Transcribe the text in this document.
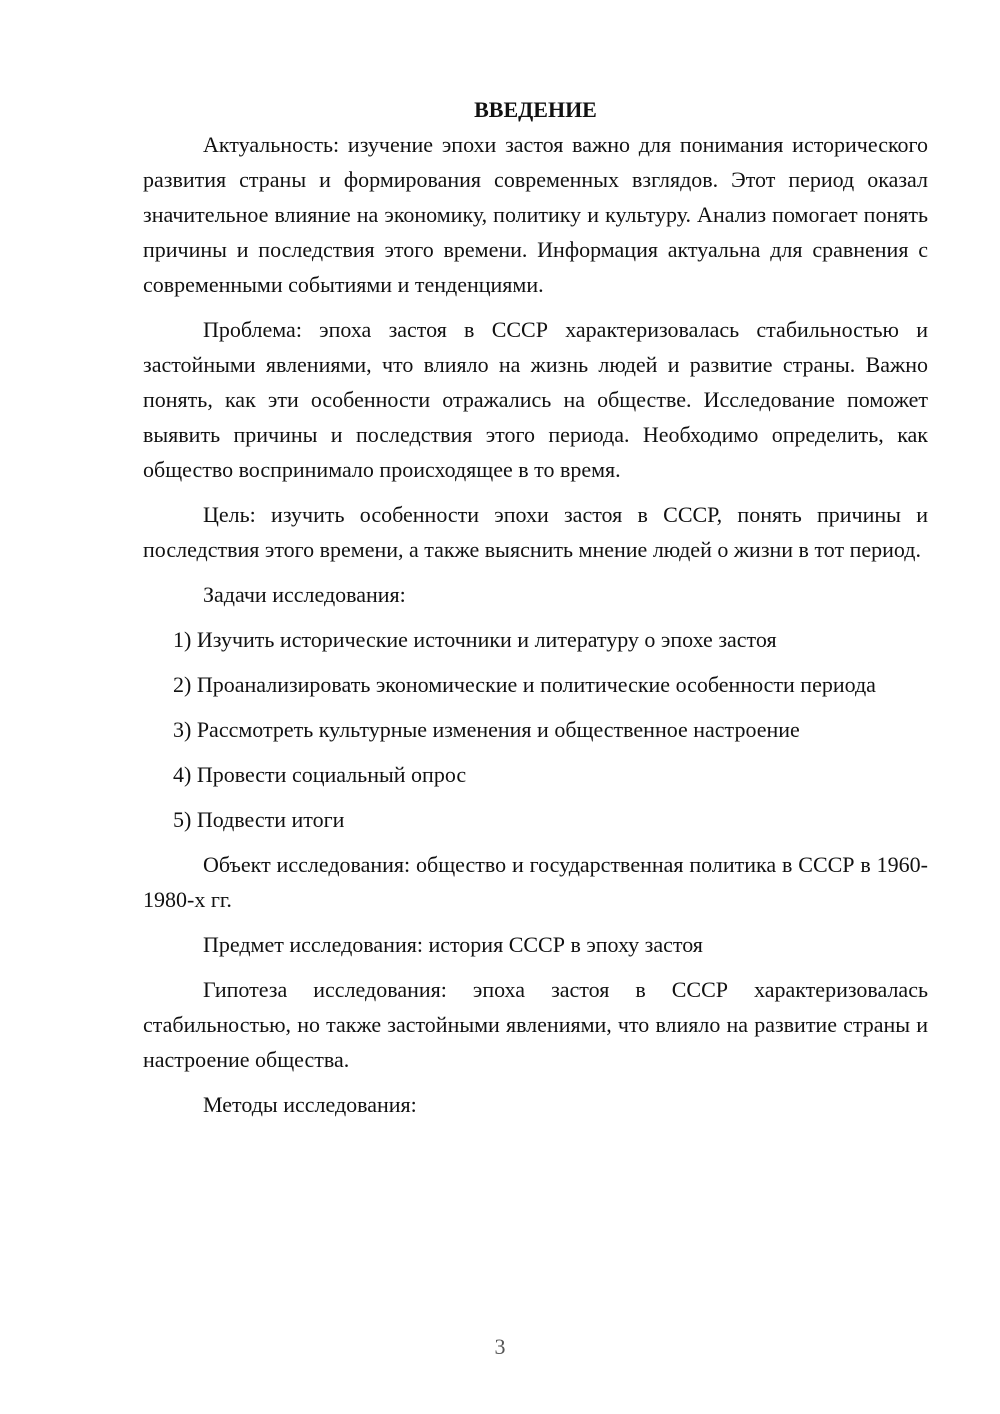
ВВЕДЕНИЕ

Актуальность: изучение эпохи застоя важно для понимания исторического развития страны и формирования современных взглядов. Этот период оказал значительное влияние на экономику, политику и культуру. Анализ помогает понять причины и последствия этого времени. Информация актуальна для сравнения с современными событиями и тенденциями.

Проблема: эпоха застоя в СССР характеризовалась стабильностью и застойными явлениями, что влияло на жизнь людей и развитие страны. Важно понять, как эти особенности отражались на обществе. Исследование поможет выявить причины и последствия этого периода. Необходимо определить, как общество воспринимало происходящее в то время.

Цель: изучить особенности эпохи застоя в СССР, понять причины и последствия этого времени, а также выяснить мнение людей о жизни в тот период.

Задачи исследования:

1) Изучить исторические источники и литературу о эпохе застоя

2) Проанализировать экономические и политические особенности периода

3) Рассмотреть культурные изменения и общественное настроение

4) Провести социальный опрос

5) Подвести итоги

Объект исследования: общество и государственная политика в СССР в 1960-1980-х гг.

Предмет исследования: история СССР в эпоху застоя

Гипотеза исследования: эпоха застоя в СССР характеризовалась стабильностью, но также застойными явлениями, что влияло на развитие страны и настроение общества.

Методы исследования:

3
